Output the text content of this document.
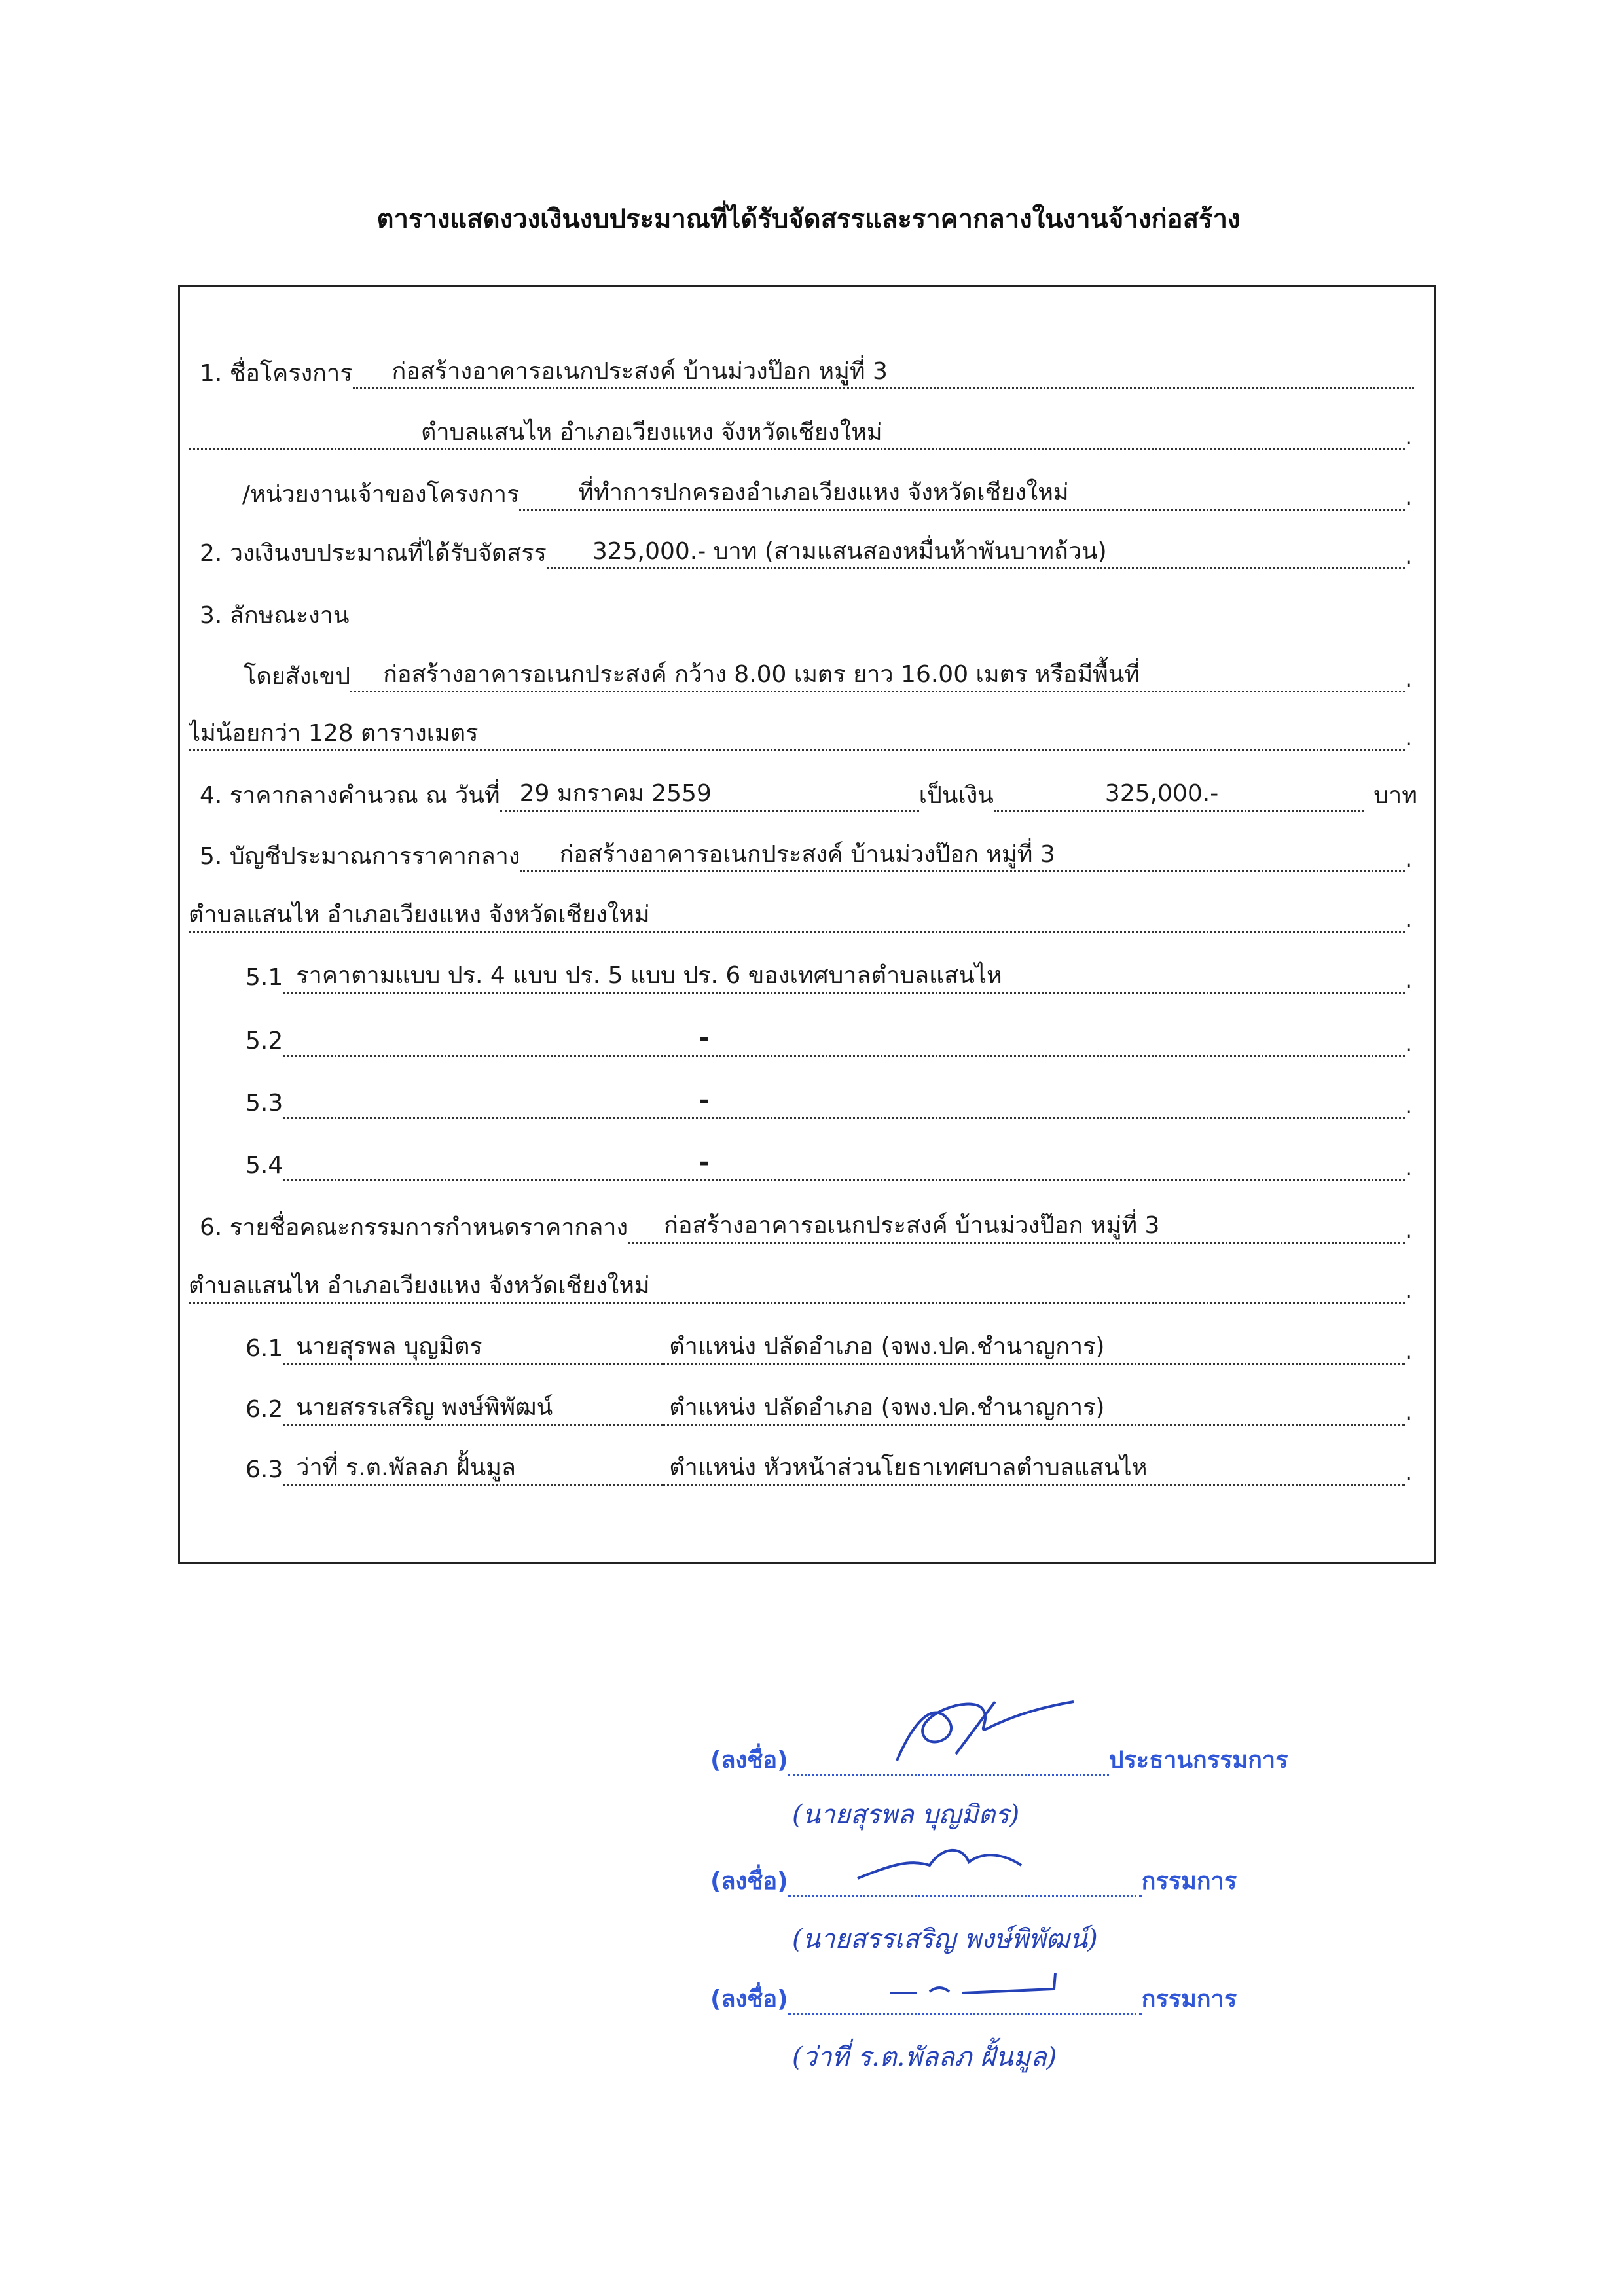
ตารางแสดงวงเงินงบประมาณที่ได้รับจัดสรรและราคากลางในงานจ้างก่อสร้าง
1. ชื่อโครงการ	ก่อสร้างอาคารอเนกประสงค์ บ้านม่วงป๊อก หมู่ที่ 3
ตำบลแสนไห อำเภอเวียงแหง จังหวัดเชียงใหม่	.
/หน่วยงานเจ้าของโครงการ	ที่ทำการปกครองอำเภอเวียงแหง จังหวัดเชียงใหม่	.
2. วงเงินงบประมาณที่ได้รับจัดสรร	325,000.- บาท (สามแสนสองหมื่นห้าพันบาทถ้วน)	.
3. ลักษณะงาน
โดยสังเขป	ก่อสร้างอาคารอเนกประสงค์ กว้าง 8.00 เมตร ยาว 16.00 เมตร หรือมีพื้นที่	.
ไม่น้อยกว่า 128 ตารางเมตร	.
4. ราคากลางคำนวณ ณ วันที่ 29 มกราคม 2559	เป็นเงิน	325,000.-	บาท
5. บัญชีประมาณการราคากลาง	ก่อสร้างอาคารอเนกประสงค์ บ้านม่วงป๊อก หมู่ที่ 3	.
ตำบลแสนไห อำเภอเวียงแหง จังหวัดเชียงใหม่	.
5.1 ราคาตามแบบ ปร. 4 แบบ ปร. 5 แบบ ปร. 6 ของเทศบาลตำบลแสนไห	.
5.2	-	.
5.3	-	.
5.4	-	.
6. รายชื่อคณะกรรมการกำหนดราคากลาง	ก่อสร้างอาคารอเนกประสงค์ บ้านม่วงป๊อก หมู่ที่ 3	.
ตำบลแสนไห อำเภอเวียงแหง จังหวัดเชียงใหม่	.
6.1 นายสุรพล บุญมิตร	ตำแหน่ง ปลัดอำเภอ (จพง.ปค.ชำนาญการ)	.
6.2 นายสรรเสริญ พงษ์พิพัฒน์	ตำแหน่ง ปลัดอำเภอ (จพง.ปค.ชำนาญการ)	.
6.3 ว่าที่ ร.ต.พัลลภ ฝั้นมูล	ตำแหน่ง หัวหน้าส่วนโยธาเทศบาลตำบลแสนไห	.
(ลงชื่อ)	ประธานกรรมการ
(นายสุรพล บุญมิตร)
(ลงชื่อ)	กรรมการ
(นายสรรเสริญ พงษ์พิพัฒน์)
(ลงชื่อ)	กรรมการ
(ว่าที่ ร.ต.พัลลภ ฝั้นมูล)
